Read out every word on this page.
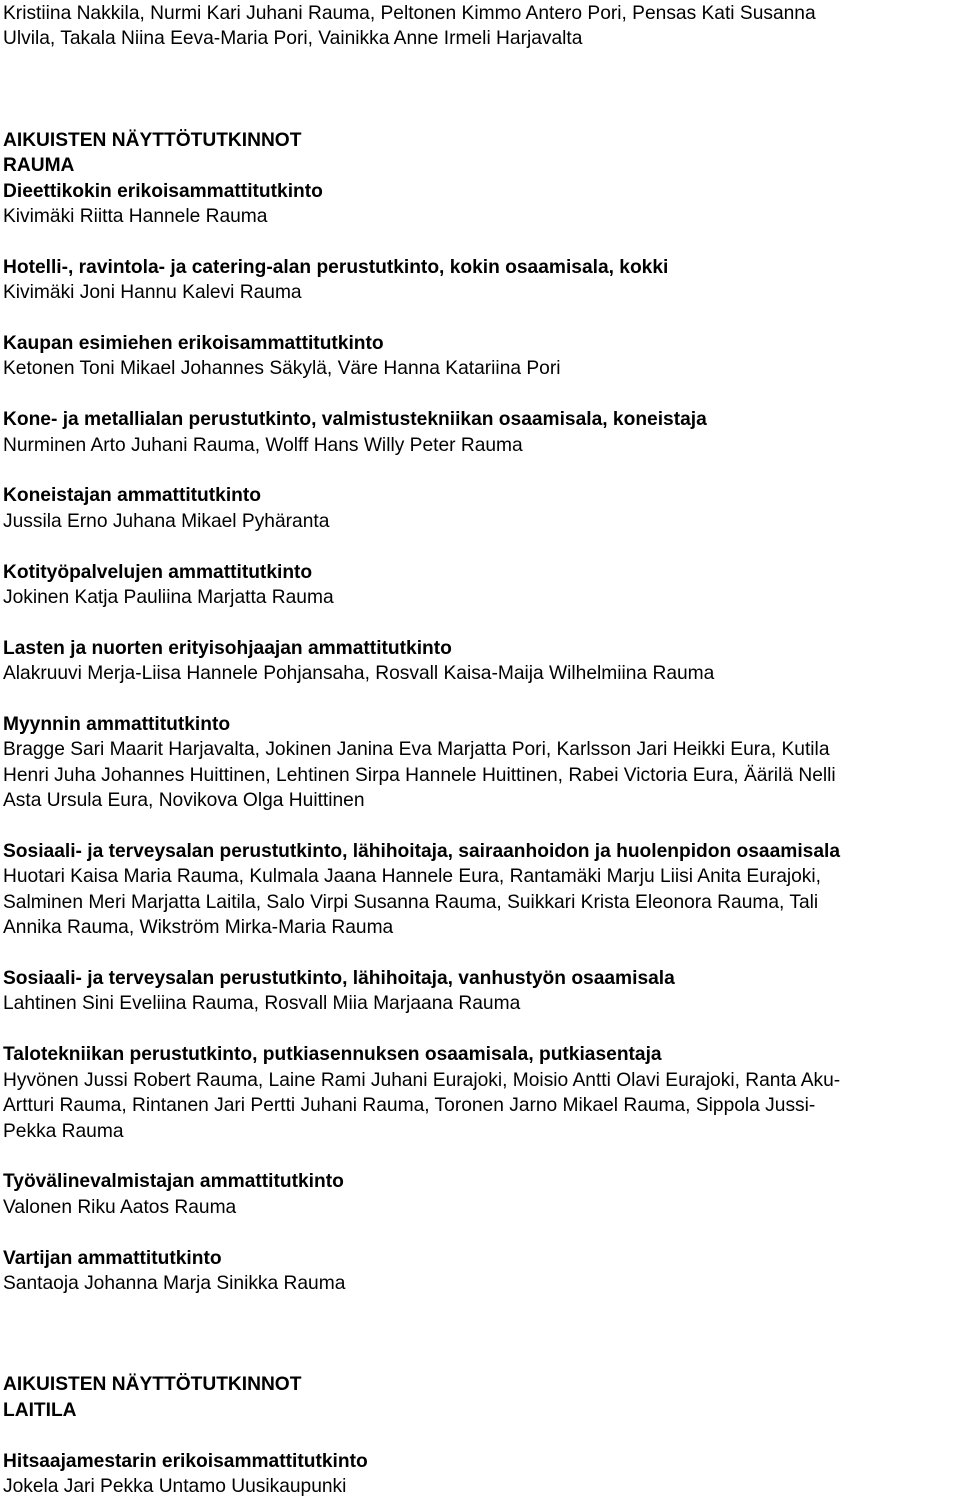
Kristiina Nakkila, Nurmi Kari Juhani Rauma, Peltonen Kimmo Antero Pori, Pensas Kati Susanna
Ulvila, Takala Niina Eeva-Maria Pori, Vainikka Anne Irmeli Harjavalta
AIKUISTEN NÄYTTÖTUTKINNOT
RAUMA
Dieettikokin erikoisammattitutkinto
Kivimäki Riitta Hannele Rauma
Hotelli-, ravintola- ja catering-alan perustutkinto, kokin osaamisala, kokki
Kivimäki Joni Hannu Kalevi Rauma
Kaupan esimiehen erikoisammattitutkinto
Ketonen Toni Mikael Johannes Säkylä, Väre Hanna Katariina Pori
Kone- ja metallialan perustutkinto, valmistustekniikan osaamisala, koneistaja
Nurminen Arto Juhani Rauma, Wolff Hans Willy Peter Rauma
Koneistajan ammattitutkinto
Jussila Erno Juhana Mikael Pyhäranta
Kotityöpalvelujen ammattitutkinto
Jokinen Katja Pauliina Marjatta Rauma
Lasten ja nuorten erityisohjaajan ammattitutkinto
Alakruuvi Merja-Liisa Hannele Pohjansaha, Rosvall Kaisa-Maija Wilhelmiina Rauma
Myynnin ammattitutkinto
Bragge Sari Maarit Harjavalta, Jokinen Janina Eva Marjatta Pori, Karlsson Jari Heikki Eura, Kutila
Henri Juha Johannes Huittinen, Lehtinen Sirpa Hannele Huittinen, Rabei Victoria Eura, Äärilä Nelli
Asta Ursula Eura, Novikova Olga Huittinen
Sosiaali- ja terveysalan perustutkinto, lähihoitaja, sairaanhoidon ja huolenpidon osaamisala
Huotari Kaisa Maria Rauma, Kulmala Jaana Hannele Eura, Rantamäki Marju Liisi Anita Eurajoki,
Salminen Meri Marjatta Laitila, Salo Virpi Susanna Rauma, Suikkari Krista Eleonora Rauma, Tali
Annika Rauma, Wikström Mirka-Maria Rauma
Sosiaali- ja terveysalan perustutkinto, lähihoitaja, vanhustyön osaamisala
Lahtinen Sini Eveliina Rauma, Rosvall Miia Marjaana Rauma
Talotekniikan perustutkinto, putkiasennuksen osaamisala, putkiasentaja
Hyvönen Jussi Robert Rauma, Laine Rami Juhani Eurajoki, Moisio Antti Olavi Eurajoki, Ranta Aku-
Artturi Rauma, Rintanen Jari Pertti Juhani Rauma, Toronen Jarno Mikael Rauma, Sippola Jussi-
Pekka Rauma
Työvälinevalmistajan ammattitutkinto
Valonen Riku Aatos Rauma
Vartijan ammattitutkinto
Santaoja Johanna Marja Sinikka Rauma
AIKUISTEN NÄYTTÖTUTKINNOT
LAITILA
Hitsaajamestarin erikoisammattitutkinto
Jokela Jari Pekka Untamo Uusikaupunki
